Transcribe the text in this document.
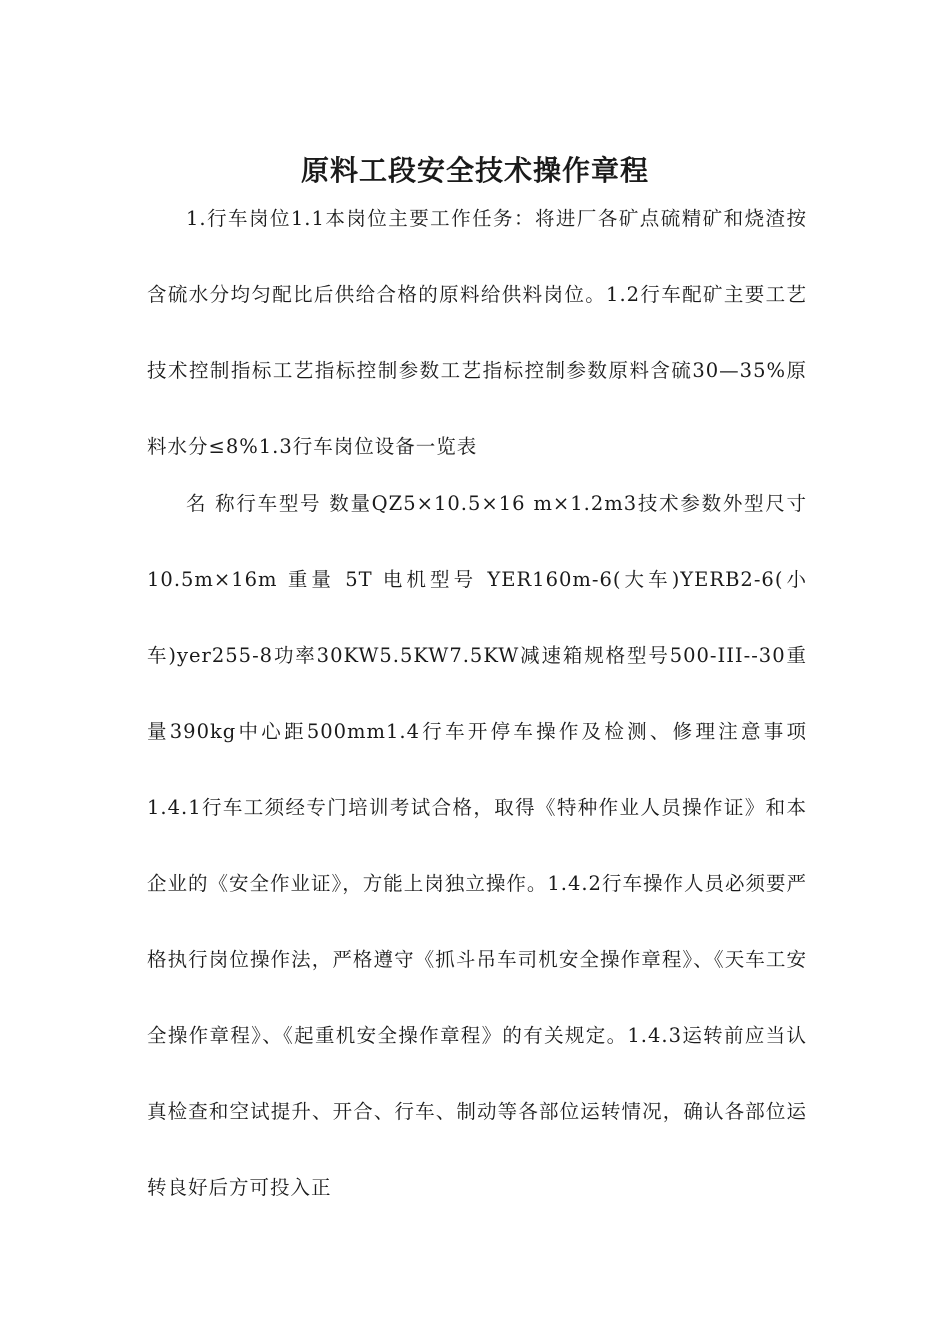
原料工段安全技术操作章程

1.行车岗位1.1本岗位主要工作任务：将进厂各矿点硫精矿和烧渣按含硫水分均匀配比后供给合格的原料给供料岗位。1.2行车配矿主要工艺技术控制指标工艺指标控制参数工艺指标控制参数原料含硫30—35%原料水分≤8%1.3行车岗位设备一览表

名 称行车型号 数量QZ5×10.5×16 m×1.2m3技术参数外型尺寸 10.5m×16m 重量 5T 电机型号 YER160m-6(大车)YERB2-6(小车)yer255-8功率30KW5.5KW7.5KW减速箱规格型号500-III--30重量390kg中心距500mm1.4行车开停车操作及检测、修理注意事项1.4.1行车工须经专门培训考试合格，取得《特种作业人员操作证》和本企业的《安全作业证》，方能上岗独立操作。1.4.2行车操作人员必须要严格执行岗位操作法，严格遵守《抓斗吊车司机安全操作章程》、《天车工安全操作章程》、《起重机安全操作章程》的有关规定。1.4.3运转前应当认真检查和空试提升、开合、行车、制动等各部位运转情况，确认各部位运转良好后方可投入正
